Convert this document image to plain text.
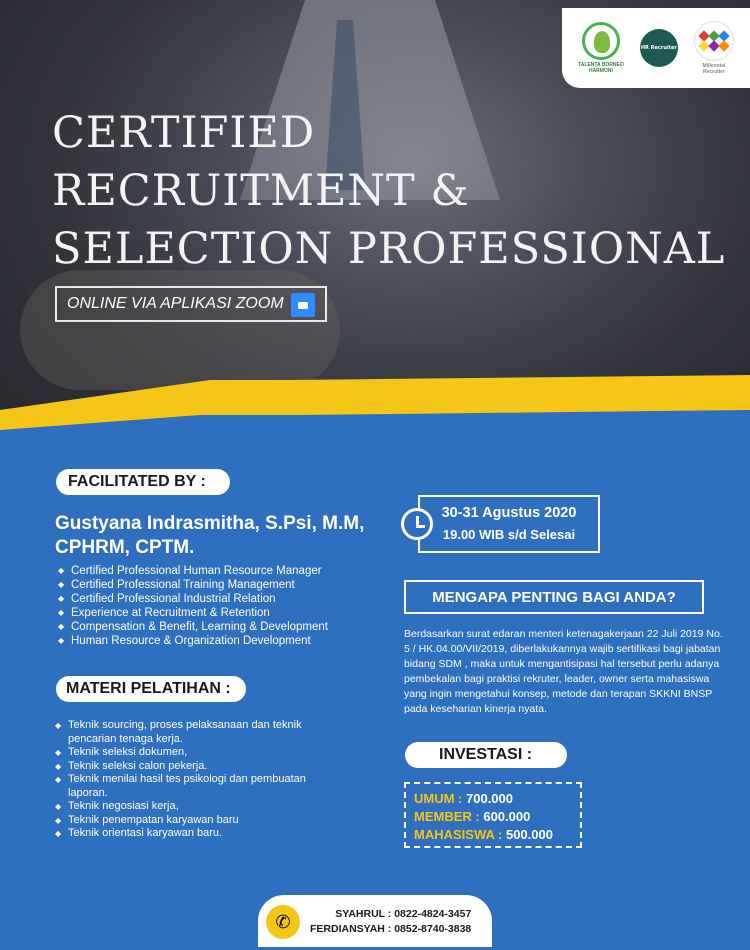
TALENTA BORNEO
HARMONI
HR Recruiter
Millennial
Recruiter
CERTIFIED
RECRUITMENT &
SELECTION PROFESSIONAL
ONLINE VIA APLIKASI ZOOM
FACILITATED BY :

Gustyana Indrasmitha, S.Psi, M.M, CPHRM, CPTM.

◆ Certified Professional Human Resource Manager
◆ Certified Professional Training Management
◆ Certified Professional Industrial Relation
◆ Experience at Recruitment & Retention
◆ Compensation & Benefit, Learning & Development
◆ Human Resource & Organization Development
MATERI PELATIHAN :
◆ Teknik sourcing, proses pelaksanaan dan teknik pencarian tenaga kerja.
◆ Teknik seleksi dokumen,
◆ Teknik seleksi calon pekerja.
◆ Teknik menilai hasil tes psikologi dan pembuatan laporan.
◆ Teknik negosiasi kerja,
◆ Teknik penempatan karyawan baru
◆ Teknik orientasi karyawan baru.
30-31 Agustus 2020
19.00 WIB s/d Selesai
MENGAPA PENTING BAGI ANDA?

Berdasarkan surat edaran menteri ketenagakerjaan 22 Juli 2019 No. 5 / HK.04.00/VII/2019, diberlakukannya wajib sertifikasi bagi jabatan bidang SDM , maka untuk mengantisipasi hal tersebut perlu adanya pembekalan bagi praktisi rekruter, leader, owner serta mahasiswa yang ingin mengetahui konsep, metode dan terapan SKKNI BNSP pada keseharian kinerja nyata.

INVESTASI :
UMUM : 700.000
MEMBER : 600.000
MAHASISWA : 500.000
✆	SYAHRUL : 0822-4824-3457
FERDIANSYAH : 0852-8740-3838
